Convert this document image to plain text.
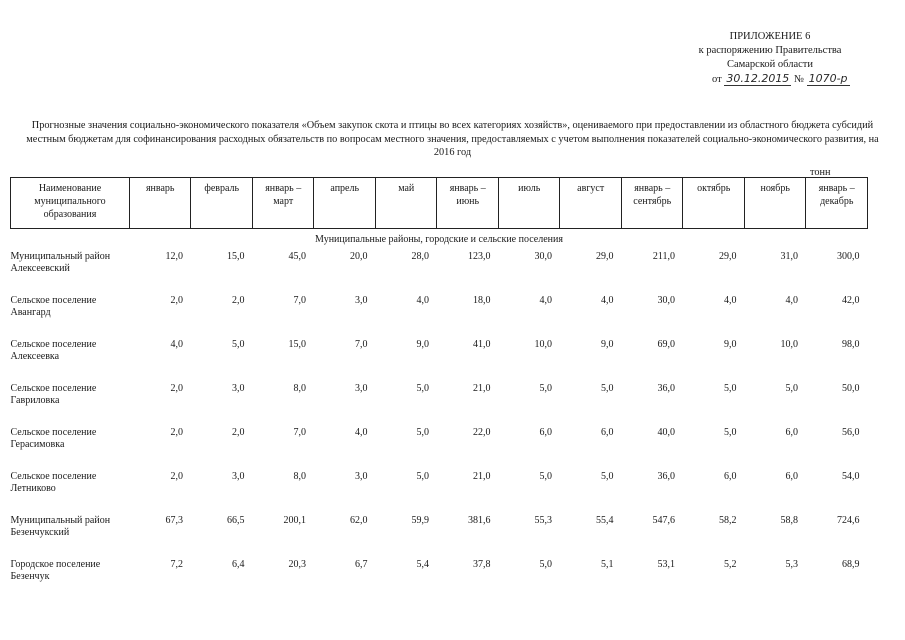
ПРИЛОЖЕНИЕ 6
к распоряжению Правительства
Самарской области
от 30.12.2015 № 1070-р
Прогнозные значения социально-экономического показателя «Объем закупок скота и птицы во всех категориях хозяйств», оцениваемого при предоставлении из областного бюджета субсидий местным бюджетам для софинансирования расходных обязательств по вопросам местного значения, предоставляемых с учетом выполнения показателей социально-экономического развития, на 2016 год
тонн
Наименование муниципального образования	январь	февраль	январь – март	апрель	май	январь – июнь	июль	август	январь – сентябрь	октябрь	ноябрь	январь – декабрь
Муниципальные районы, городские и сельские поселения												
Муниципальный район Алексеевский	12,0	15,0	45,0	20,0	28,0	123,0	30,0	29,0	211,0	29,0	31,0	300,0
Сельское поселение Авангард	2,0	2,0	7,0	3,0	4,0	18,0	4,0	4,0	30,0	4,0	4,0	42,0
Сельское поселение Алексеевка	4,0	5,0	15,0	7,0	9,0	41,0	10,0	9,0	69,0	9,0	10,0	98,0
Сельское поселение Гавриловка	2,0	3,0	8,0	3,0	5,0	21,0	5,0	5,0	36,0	5,0	5,0	50,0
Сельское поселение Герасимовка	2,0	2,0	7,0	4,0	5,0	22,0	6,0	6,0	40,0	5,0	6,0	56,0
Сельское поселение Летниково	2,0	3,0	8,0	3,0	5,0	21,0	5,0	5,0	36,0	6,0	6,0	54,0
Муниципальный район Безенчукский	67,3	66,5	200,1	62,0	59,9	381,6	55,3	55,4	547,6	58,2	58,8	724,6
Городское поселение Безенчук	7,2	6,4	20,3	6,7	5,4	37,8	5,0	5,1	53,1	5,2	5,3	68,9
